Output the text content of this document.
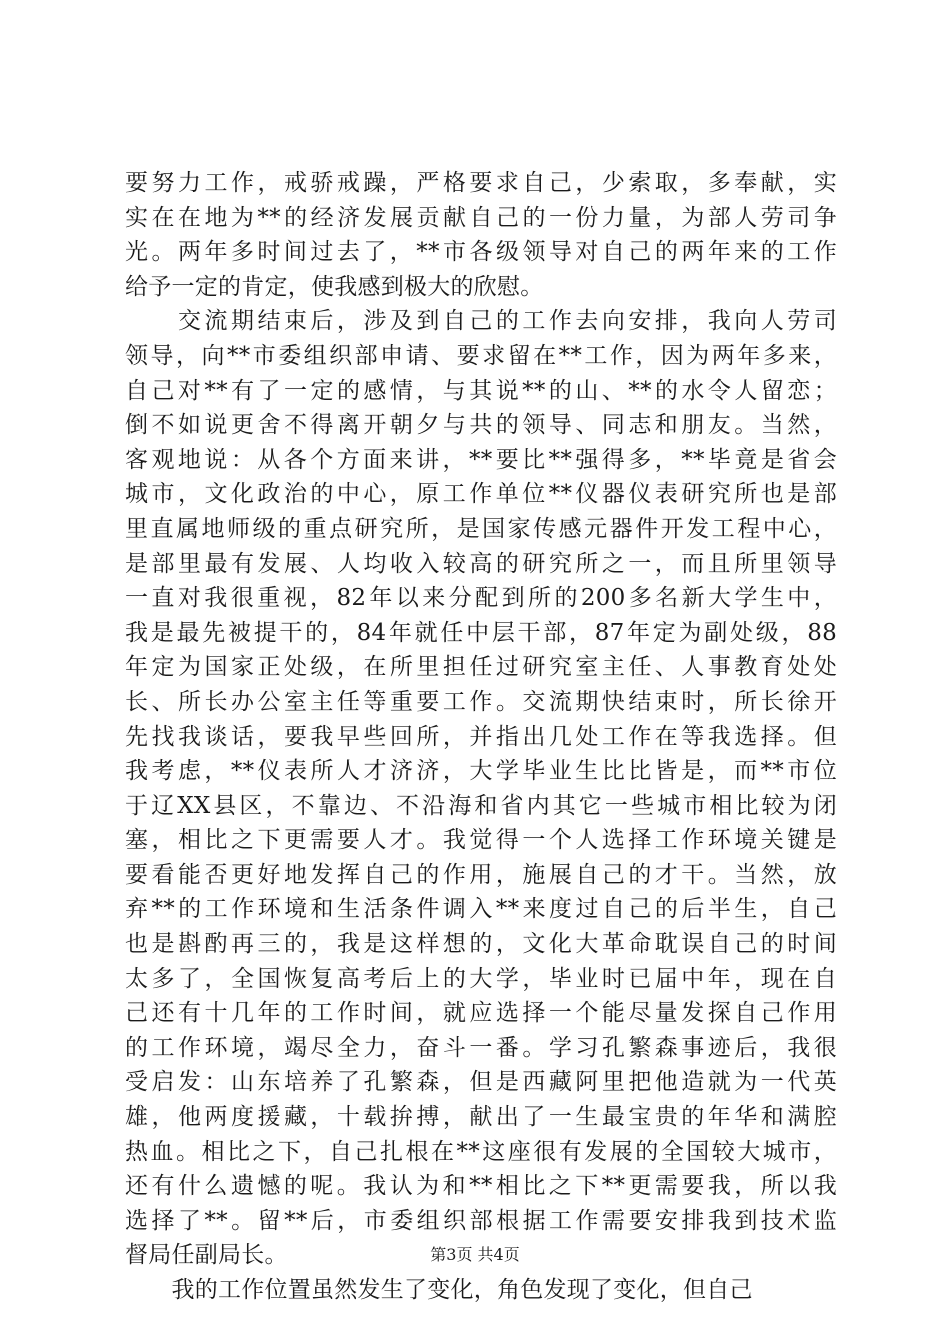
要努力工作，戒骄戒躁，严格要求自己，少索取，多奉献，实
实在在地为**的经济发展贡献自己的一份力量，为部人劳司争
光。两年多时间过去了，**市各级领导对自己的两年来的工作
给予一定的肯定，使我感到极大的欣慰。
　　交流期结束后，涉及到自己的工作去向安排，我向人劳司
领导，向**市委组织部申请、要求留在**工作，因为两年多来，
自己对**有了一定的感情，与其说**的山、**的水令人留恋；
倒不如说更舍不得离开朝夕与共的领导、同志和朋友。当然，
客观地说：从各个方面来讲，**要比**强得多，**毕竟是省会
城市，文化政治的中心，原工作单位**仪器仪表研究所也是部
里直属地师级的重点研究所，是国家传感元器件开发工程中心，
是部里最有发展、人均收入较高的研究所之一，而且所里领导
一直对我很重视，82年以来分配到所的200多名新大学生中，
我是最先被提干的，84年就任中层干部，87年定为副处级，88
年定为国家正处级，在所里担任过研究室主任、人事教育处处
长、所长办公室主任等重要工作。交流期快结束时，所长徐开
先找我谈话，要我早些回所，并指出几处工作在等我选择。但
我考虑，**仪表所人才济济，大学毕业生比比皆是，而**市位
于辽XX县区，不靠边、不沿海和省内其它一些城市相比较为闭
塞，相比之下更需要人才。我觉得一个人选择工作环境关键是
要看能否更好地发挥自己的作用，施展自己的才干。当然，放
弃**的工作环境和生活条件调入**来度过自己的后半生，自己
也是斟酌再三的，我是这样想的，文化大革命耽误自己的时间
太多了，全国恢复高考后上的大学，毕业时已届中年，现在自
己还有十几年的工作时间，就应选择一个能尽量发探自己作用
的工作环境，竭尽全力，奋斗一番。学习孔繁森事迹后，我很
受启发：山东培养了孔繁森，但是西藏阿里把他造就为一代英
雄，他两度援藏，十载拚搏，献出了一生最宝贵的年华和满腔
热血。相比之下，自己扎根在**这座很有发展的全国较大城市，
还有什么遗憾的呢。我认为和**相比之下**更需要我，所以我
选择了**。留**后，市委组织部根据工作需要安排我到技术监
督局任副局长。
　　我的工作位置虽然发生了变化，角色发现了变化，但自己
第3页 共4页
